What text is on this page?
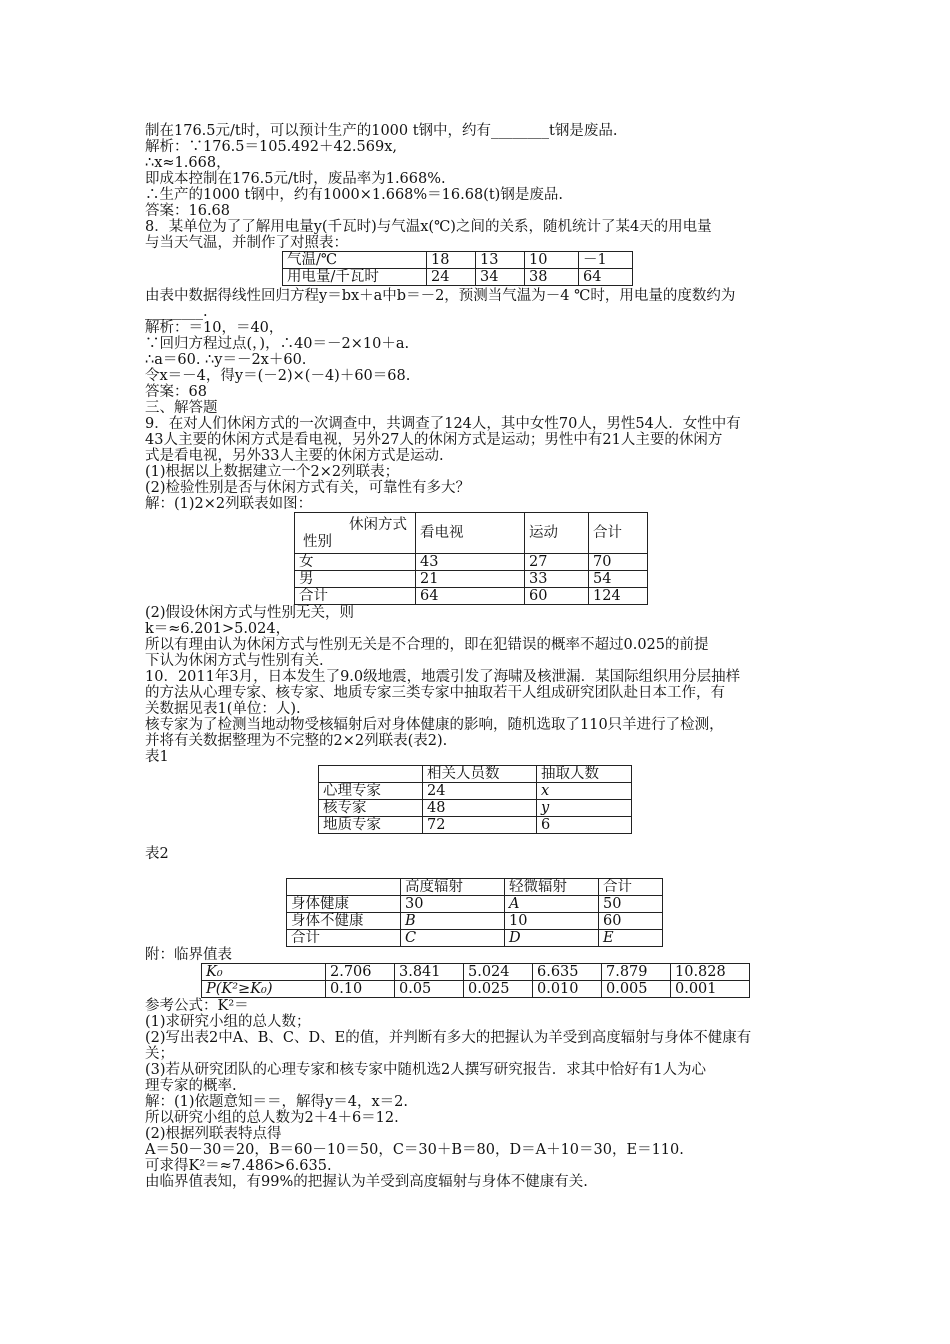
制在176.5元/t时，可以预计生产的1000 t钢中，约有________t钢是废品.

解析：∵176.5＝105.492＋42.569x,

∴x≈1.668，

即成本控制在176.5元/t时，废品率为1.668%.

∴生产的1000 t钢中，约有1000×1.668%＝16.68(t)钢是废品.

答案：16.68

8．某单位为了了解用电量y(千瓦时)与气温x(℃)之间的关系，随机统计了某4天的用电量

与当天气温，并制作了对照表：

气温/℃	18	13	10	－1
用电量/千瓦时	24	34	38	64

由表中数据得线性回归方程y＝bx＋a中b＝－2，预测当气温为－4 ℃时，用电量的度数约为

________.

解析：＝10，＝40，

∵回归方程过点(，)，∴40＝－2×10＋a.

∴a＝60. ∴y＝－2x＋60.

令x＝－4，得y＝(－2)×(－4)＋60＝68.

答案：68

三、解答题

9．在对人们休闲方式的一次调查中，共调查了124人，其中女性70人，男性54人．女性中有

43人主要的休闲方式是看电视，另外27人的休闲方式是运动；男性中有21人主要的休闲方

式是看电视，另外33人主要的休闲方式是运动.

(1)根据以上数据建立一个2×2列联表；

(2)检验性别是否与休闲方式有关，可靠性有多大？

解：(1)2×2列联表如图：

休闲方式
性别	看电视	运动	合计
女	43	27	70
男	21	33	54
合计	64	60	124

(2)假设休闲方式与性别无关，则

k＝≈6.201>5.024，

所以有理由认为休闲方式与性别无关是不合理的，即在犯错误的概率不超过0.025的前提

下认为休闲方式与性别有关.

10．2011年3月，日本发生了9.0级地震，地震引发了海啸及核泄漏．某国际组织用分层抽样

的方法从心理专家、核专家、地质专家三类专家中抽取若干人组成研究团队赴日本工作，有

关数据见表1(单位：人).

核专家为了检测当地动物受核辐射后对身体健康的影响，随机选取了110只羊进行了检测，

并将有关数据整理为不完整的2×2列联表(表2).

表1

	相关人员数	抽取人数
心理专家	24	x
核专家	48	y
地质专家	72	6

表2

	高度辐射	轻微辐射	合计
身体健康	30	A	50
身体不健康	B	10	60
合计	C	D	E

附：临界值表

K₀	2.706	3.841	5.024	6.635	7.879	10.828
P(K²≥K₀)	0.10	0.05	0.025	0.010	0.005	0.001

参考公式：K²＝

(1)求研究小组的总人数；

(2)写出表2中A、B、C、D、E的值，并判断有多大的把握认为羊受到高度辐射与身体不健康有

关；

(3)若从研究团队的心理专家和核专家中随机选2人撰写研究报告．求其中恰好有1人为心

理专家的概率.

解：(1)依题意知＝＝，解得y＝4，x＝2.

所以研究小组的总人数为2＋4＋6＝12.

(2)根据列联表特点得

A＝50－30＝20，B＝60－10＝50，C＝30＋B＝80，D＝A＋10＝30，E＝110.

可求得K²＝≈7.486>6.635.

由临界值表知，有99%的把握认为羊受到高度辐射与身体不健康有关.
